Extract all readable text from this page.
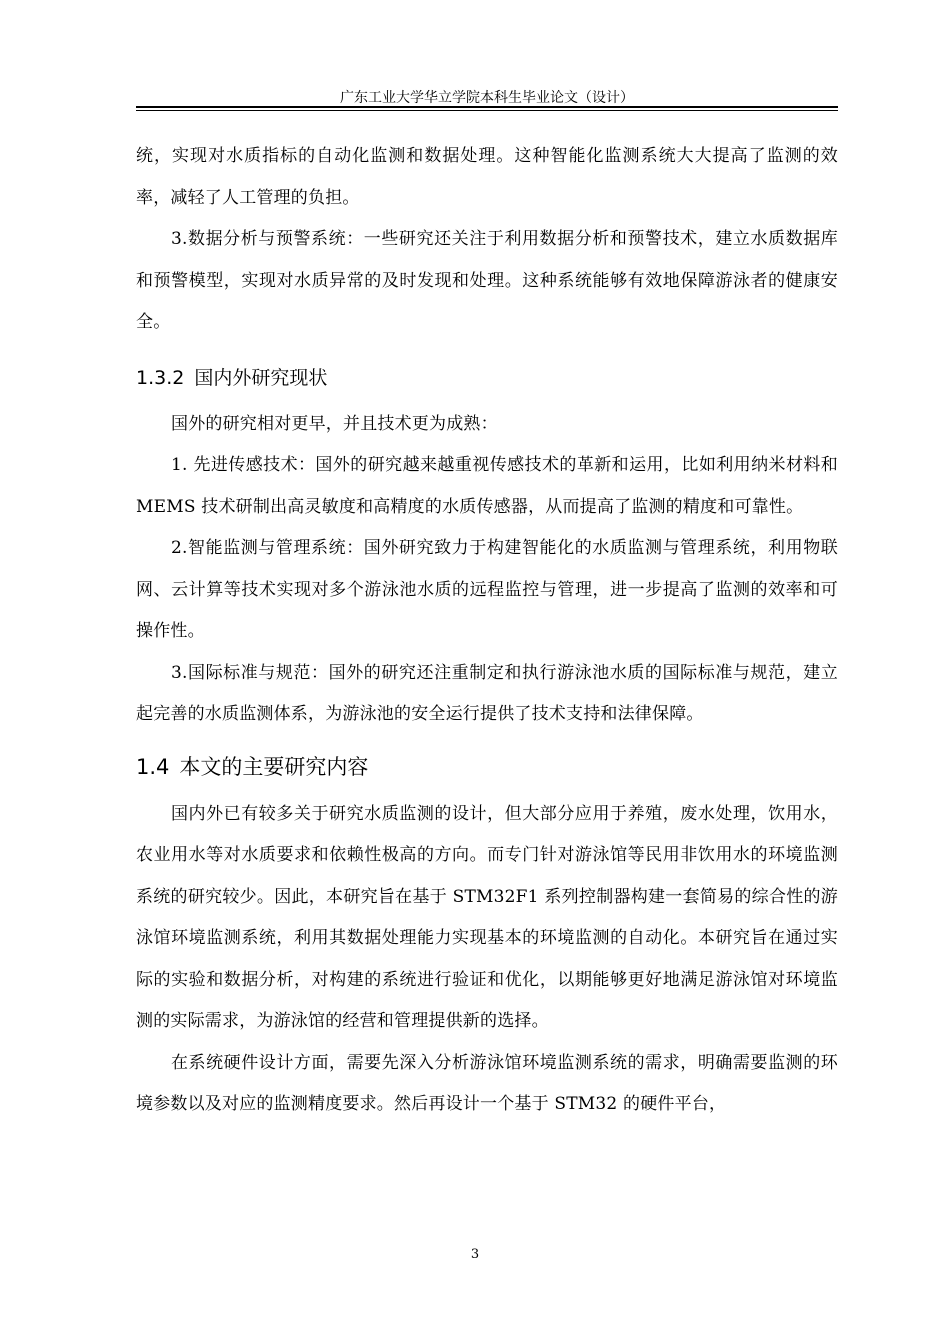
广东工业大学华立学院本科生毕业论文（设计）

统，实现对水质指标的自动化监测和数据处理。这种智能化监测系统大大提高了监测的效率，减轻了人工管理的负担。

3.数据分析与预警系统：一些研究还关注于利用数据分析和预警技术，建立水质数据库和预警模型，实现对水质异常的及时发现和处理。这种系统能够有效地保障游泳者的健康安全。

1.3.2 国内外研究现状

国外的研究相对更早，并且技术更为成熟：

1. 先进传感技术：国外的研究越来越重视传感技术的革新和运用，比如利用纳米材料和 MEMS 技术研制出高灵敏度和高精度的水质传感器，从而提高了监测的精度和可靠性。

2.智能监测与管理系统：国外研究致力于构建智能化的水质监测与管理系统，利用物联网、云计算等技术实现对多个游泳池水质的远程监控与管理，进一步提高了监测的效率和可操作性。

3.国际标准与规范：国外的研究还注重制定和执行游泳池水质的国际标准与规范，建立起完善的水质监测体系，为游泳池的安全运行提供了技术支持和法律保障。

1.4 本文的主要研究内容

国内外已有较多关于研究水质监测的设计，但大部分应用于养殖，废水处理，饮用水，农业用水等对水质要求和依赖性极高的方向。而专门针对游泳馆等民用非饮用水的环境监测系统的研究较少。因此，本研究旨在基于 STM32F1 系列控制器构建一套简易的综合性的游泳馆环境监测系统，利用其数据处理能力实现基本的环境监测的自动化。本研究旨在通过实际的实验和数据分析，对构建的系统进行验证和优化，以期能够更好地满足游泳馆对环境监测的实际需求，为游泳馆的经营和管理提供新的选择。

在系统硬件设计方面，需要先深入分析游泳馆环境监测系统的需求，明确需要监测的环境参数以及对应的监测精度要求。然后再设计一个基于 STM32 的硬件平台，

3
